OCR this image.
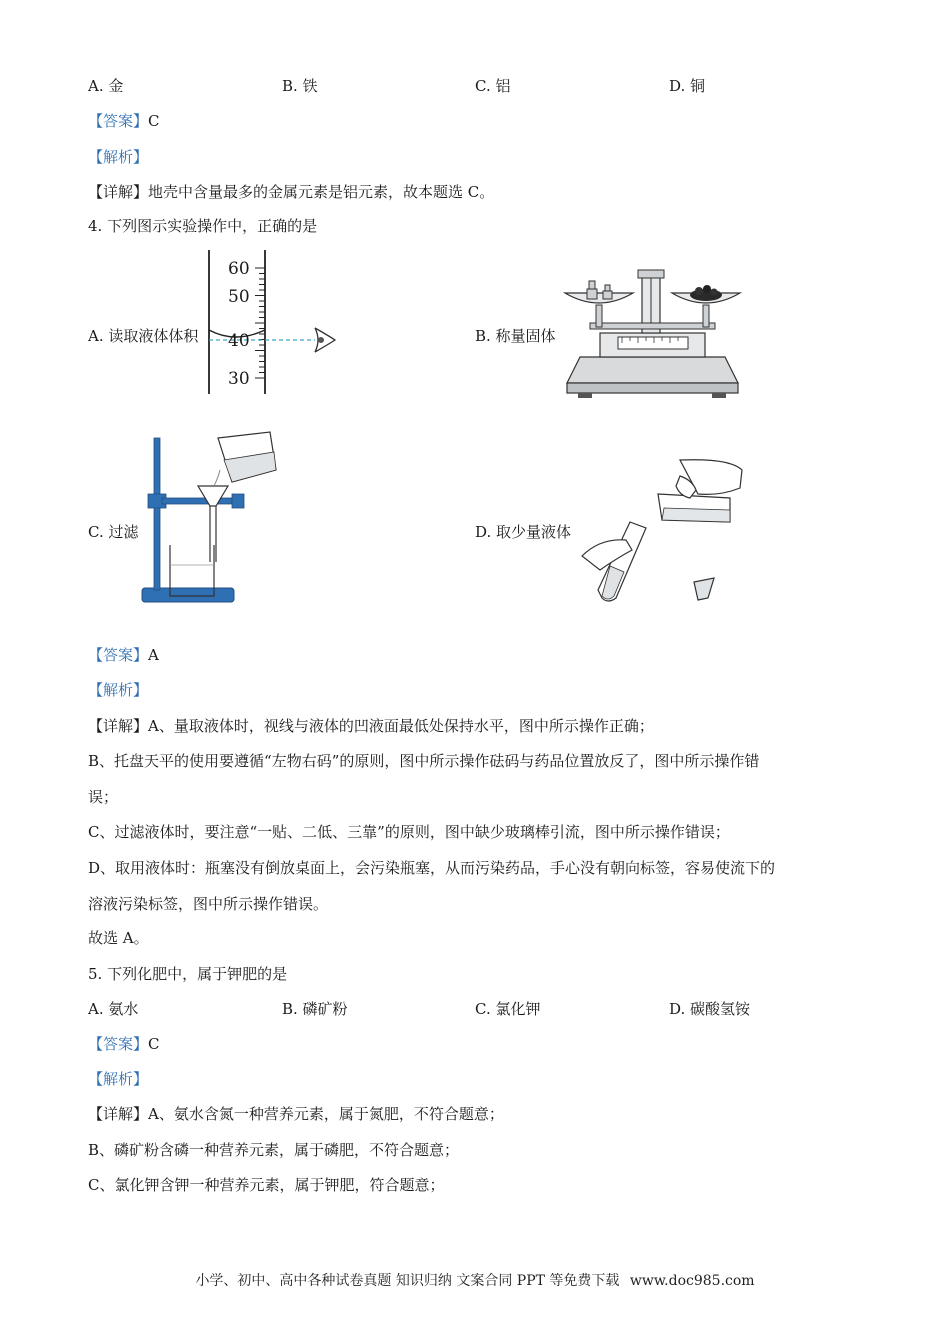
A. 金	B. 铁	C. 铝	D. 铜
【答案】C
【解析】
【详解】地壳中含量最多的金属元素是铝元素，故本题选 C。
4. 下列图示实验操作中，正确的是
A. 读取液体体积
60
50
40
30
B. 称量固体
C. 过滤	D. 取少量液体
【答案】A
【解析】
【详解】A、量取液体时，视线与液体的凹液面最低处保持水平，图中所示操作正确；
B、托盘天平的使用要遵循“左物右码”的原则，图中所示操作砝码与药品位置放反了，图中所示操作错
误；
C、过滤液体时，要注意“一贴、二低、三靠”的原则，图中缺少玻璃棒引流，图中所示操作错误；
D、取用液体时：瓶塞没有倒放桌面上，会污染瓶塞，从而污染药品，手心没有朝向标签，容易使流下的
溶液污染标签，图中所示操作错误。
故选 A。
5. 下列化肥中，属于钾肥的是
A. 氨水	B. 磷矿粉	C. 氯化钾	D. 碳酸氢铵
【答案】C
【解析】
【详解】A、氨水含氮一种营养元素，属于氮肥，不符合题意；
B、磷矿粉含磷一种营养元素，属于磷肥，不符合题意；
C、氯化钾含钾一种营养元素，属于钾肥，符合题意；
小学、初中、高中各种试卷真题 知识归纳 文案合同 PPT 等免费下载 www.doc985.com
